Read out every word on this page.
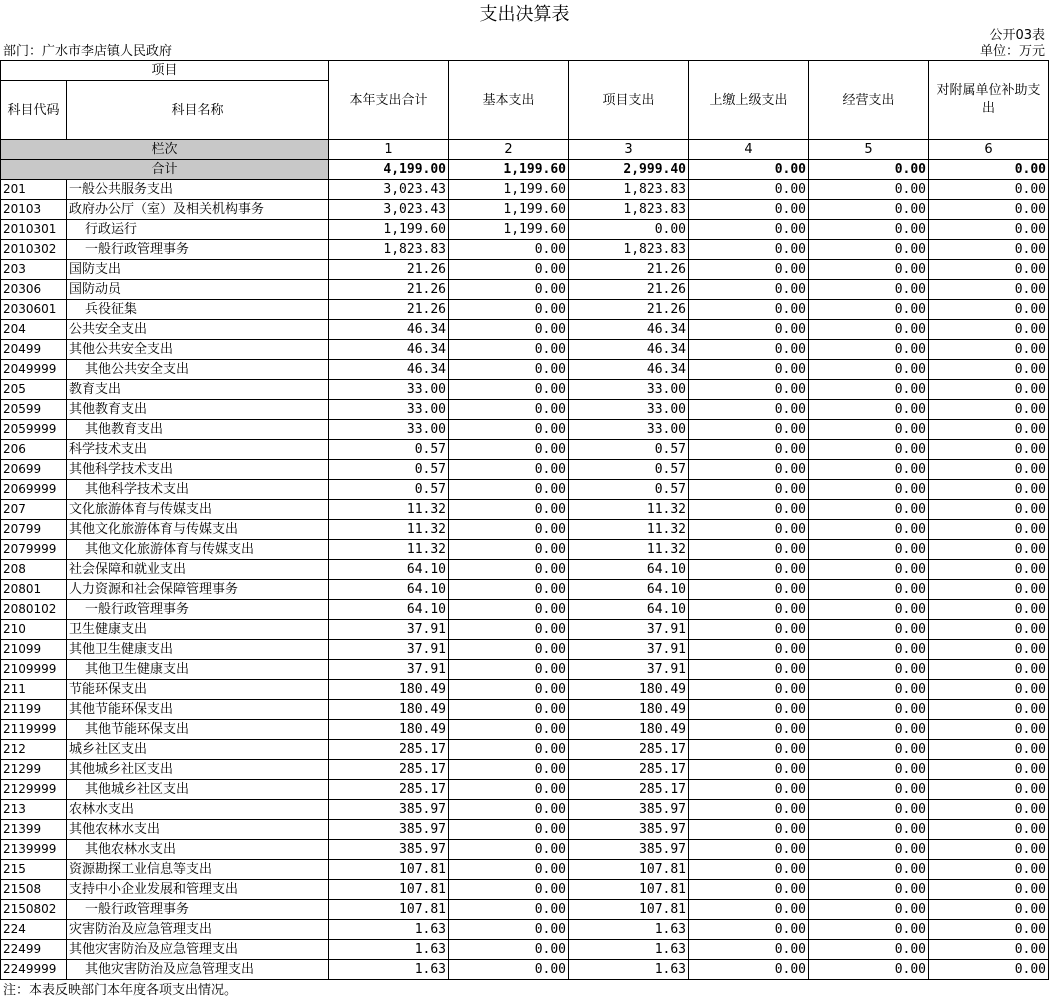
支出决算表
公开03表
部门：广水市李店镇人民政府	单位：万元
项目		本年支出合计	基本支出	项目支出	上缴上级支出	经营支出	对附属单位补助支出
科目代码	科目名称						
栏次		1	2	3	4	5	6
合计		4,199.00	1,199.60	2,999.40	0.00	0.00	0.00
201	一般公共服务支出	3,023.43	1,199.60	1,823.83	0.00	0.00	0.00
20103	政府办公厅（室）及相关机构事务	3,023.43	1,199.60	1,823.83	0.00	0.00	0.00
2010301	行政运行	1,199.60	1,199.60	0.00	0.00	0.00	0.00
2010302	一般行政管理事务	1,823.83	0.00	1,823.83	0.00	0.00	0.00
203	国防支出	21.26	0.00	21.26	0.00	0.00	0.00
20306	国防动员	21.26	0.00	21.26	0.00	0.00	0.00
2030601	兵役征集	21.26	0.00	21.26	0.00	0.00	0.00
204	公共安全支出	46.34	0.00	46.34	0.00	0.00	0.00
20499	其他公共安全支出	46.34	0.00	46.34	0.00	0.00	0.00
2049999	其他公共安全支出	46.34	0.00	46.34	0.00	0.00	0.00
205	教育支出	33.00	0.00	33.00	0.00	0.00	0.00
20599	其他教育支出	33.00	0.00	33.00	0.00	0.00	0.00
2059999	其他教育支出	33.00	0.00	33.00	0.00	0.00	0.00
206	科学技术支出	0.57	0.00	0.57	0.00	0.00	0.00
20699	其他科学技术支出	0.57	0.00	0.57	0.00	0.00	0.00
2069999	其他科学技术支出	0.57	0.00	0.57	0.00	0.00	0.00
207	文化旅游体育与传媒支出	11.32	0.00	11.32	0.00	0.00	0.00
20799	其他文化旅游体育与传媒支出	11.32	0.00	11.32	0.00	0.00	0.00
2079999	其他文化旅游体育与传媒支出	11.32	0.00	11.32	0.00	0.00	0.00
208	社会保障和就业支出	64.10	0.00	64.10	0.00	0.00	0.00
20801	人力资源和社会保障管理事务	64.10	0.00	64.10	0.00	0.00	0.00
2080102	一般行政管理事务	64.10	0.00	64.10	0.00	0.00	0.00
210	卫生健康支出	37.91	0.00	37.91	0.00	0.00	0.00
21099	其他卫生健康支出	37.91	0.00	37.91	0.00	0.00	0.00
2109999	其他卫生健康支出	37.91	0.00	37.91	0.00	0.00	0.00
211	节能环保支出	180.49	0.00	180.49	0.00	0.00	0.00
21199	其他节能环保支出	180.49	0.00	180.49	0.00	0.00	0.00
2119999	其他节能环保支出	180.49	0.00	180.49	0.00	0.00	0.00
212	城乡社区支出	285.17	0.00	285.17	0.00	0.00	0.00
21299	其他城乡社区支出	285.17	0.00	285.17	0.00	0.00	0.00
2129999	其他城乡社区支出	285.17	0.00	285.17	0.00	0.00	0.00
213	农林水支出	385.97	0.00	385.97	0.00	0.00	0.00
21399	其他农林水支出	385.97	0.00	385.97	0.00	0.00	0.00
2139999	其他农林水支出	385.97	0.00	385.97	0.00	0.00	0.00
215	资源勘探工业信息等支出	107.81	0.00	107.81	0.00	0.00	0.00
21508	支持中小企业发展和管理支出	107.81	0.00	107.81	0.00	0.00	0.00
2150802	一般行政管理事务	107.81	0.00	107.81	0.00	0.00	0.00
224	灾害防治及应急管理支出	1.63	0.00	1.63	0.00	0.00	0.00
22499	其他灾害防治及应急管理支出	1.63	0.00	1.63	0.00	0.00	0.00
2249999	其他灾害防治及应急管理支出	1.63	0.00	1.63	0.00	0.00	0.00
注：本表反映部门本年度各项支出情况。
